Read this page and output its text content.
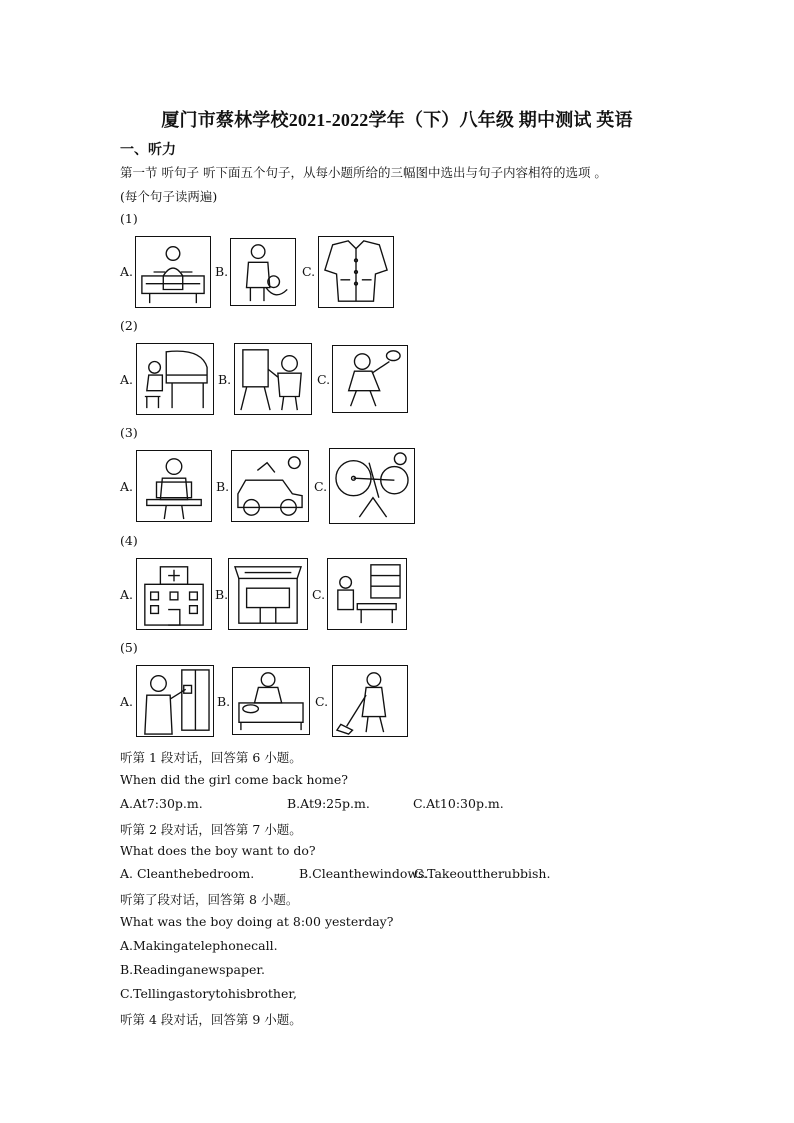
厦门市蔡林学校2021-2022学年（下）八年级 期中测试 英语
一、听力
第一节 听句子 听下面五个句子，从每小题所给的三幅图中选出与句子内容相符的选项 。
(每个句子读两遍)
(1)
A.	B.	C.
(2)
A.	B.	C.
(3)
A.	B.	C.
(4)
A.	B.	C.
(5)
A.	B.	C.
听第 1 段对话，回答第 6 小题。
When did the girl come back home?
A.At7:30p.m.	B.At9:25p.m.	C.At10:30p.m.
听第 2 段对话，回答第 7 小题。
What does the boy want to do?
A. Cleanthebedroom.	B.Cleanthewindows.
C.Takeouttherubbish.
听第了段对话，回答第 8 小题。
What was the boy doing at 8:00 yesterday?
A.Makingatelephonecall.
B.Readinganewspaper.
C.Tellingastorytohisbrother,
听第 4 段对话，回答第 9 小题。
